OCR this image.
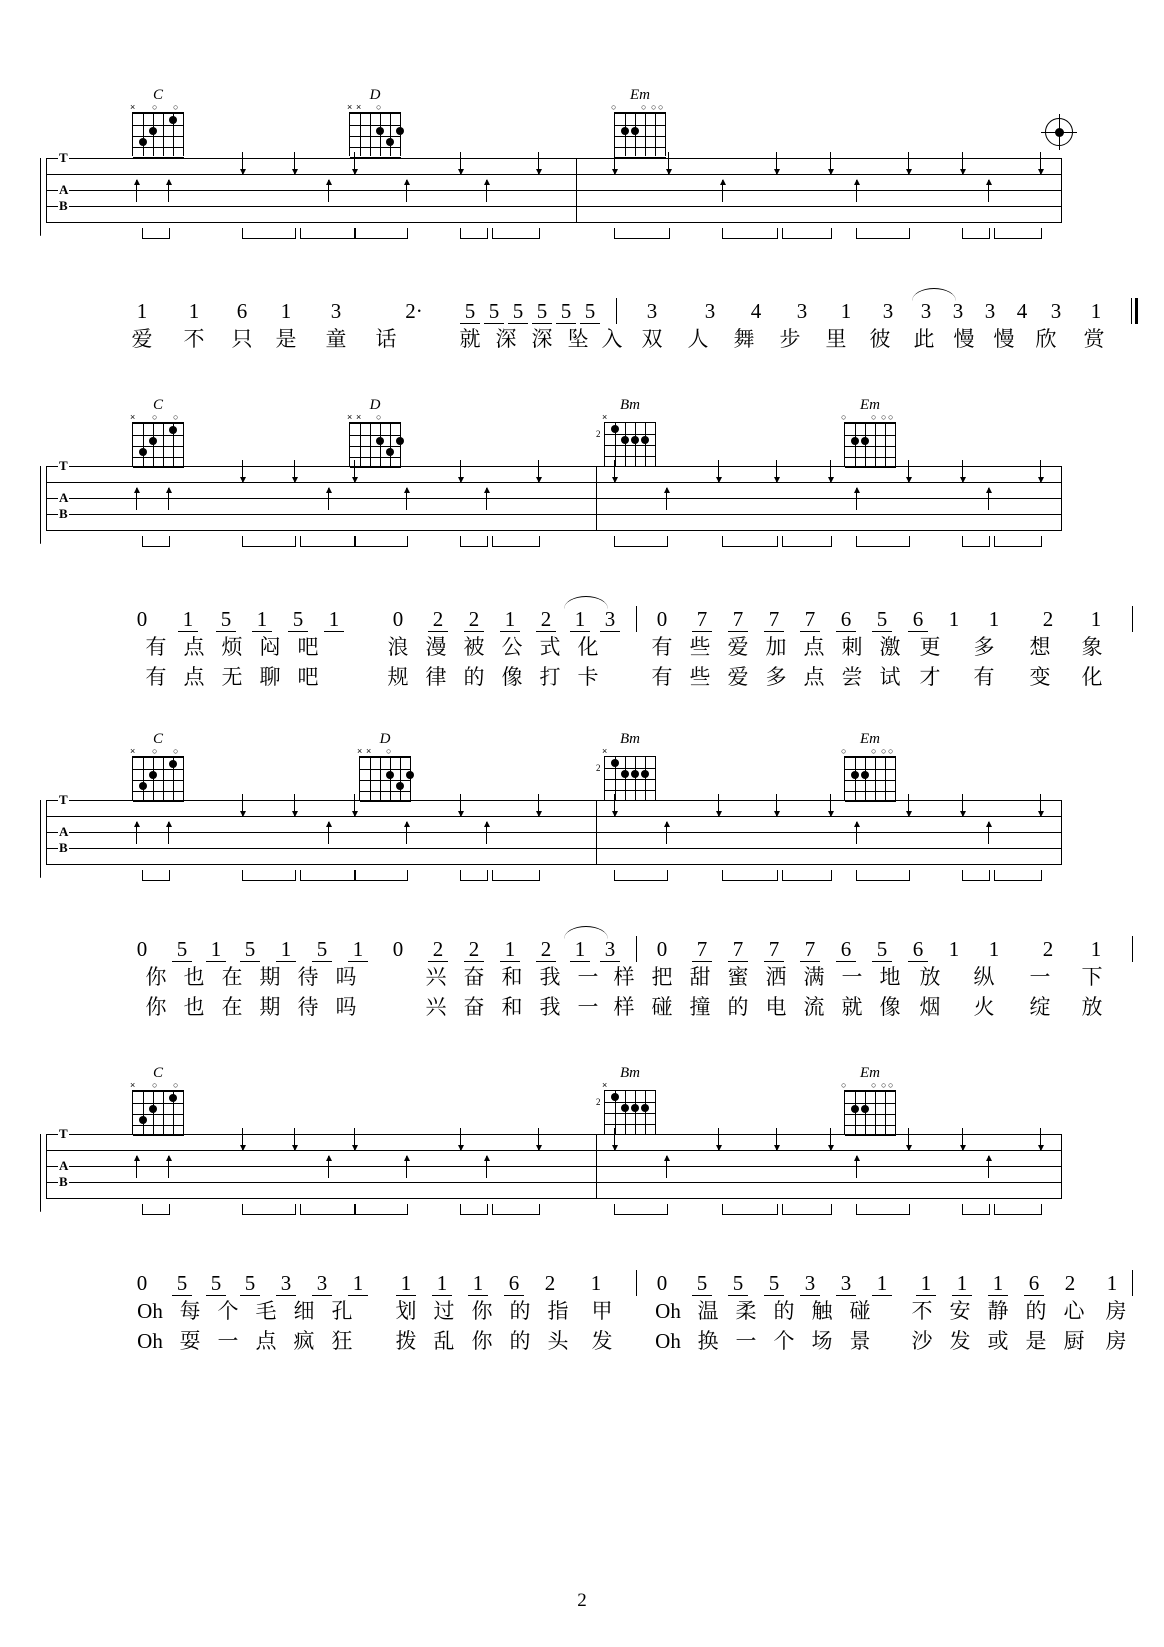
C
× ○ ○
D
× × ○
Em
○	○ ○ ○
T
A
B
1 1 6 1 3	2· 5 5 5 5 5 5 3 3 4 3 1 3 3 3 3 4 3 1
爱 不 只 是 童 话	就 深 深 坠 入 双 人 舞 步 里 彼 此 慢 慢 欣 赏
C
× ○ ○
D
× × ○
Bm
×
2
Em
○	○ ○ ○
T
A
B
0 1 5 1 5 1	0 2 2 1 2 1 3 0 7 7 7 7 6 5 6 1 1 2 1
有 点 烦 闷 吧	浪 漫 被 公 式 化	有 些 爱 加 点 刺 激 更 多 想 象
有 点 无 聊 吧	规 律 的 像 打 卡	有 些 爱 多 点 尝 试 才 有 变 化
C
× ○ ○
D
× × ○
Bm
×
2
Em
○	○ ○ ○
T
A
B
0 5 1 5 1 5 1 0 2 2 1 2 1 3 0 7 7 7 7 6 5 6 1 1 2 1
你 也 在 期 待 吗	兴 奋 和 我 一 样 把 甜 蜜 洒 满 一 地 放 纵 一 下
你 也 在 期 待 吗	兴 奋 和 我 一 样 碰 撞 的 电 流 就 像 烟 火 绽 放
C
× ○ ○
Bm
×
2
Em
○	○ ○ ○
T
A
B
0 5 5 5 3 3 1 1 1 1 6 2 1	0 5 5 5 3 3 1 1 1 1 6 2 1
Oh 每 个 毛 细 孔 划 过 你 的 指 甲 Oh 温 柔 的 触 碰 不 安 静 的 心 房
Oh 耍 一 点 疯 狂 拨 乱 你 的 头 发 Oh 换 一 个 场 景 沙 发 或 是 厨 房
2
